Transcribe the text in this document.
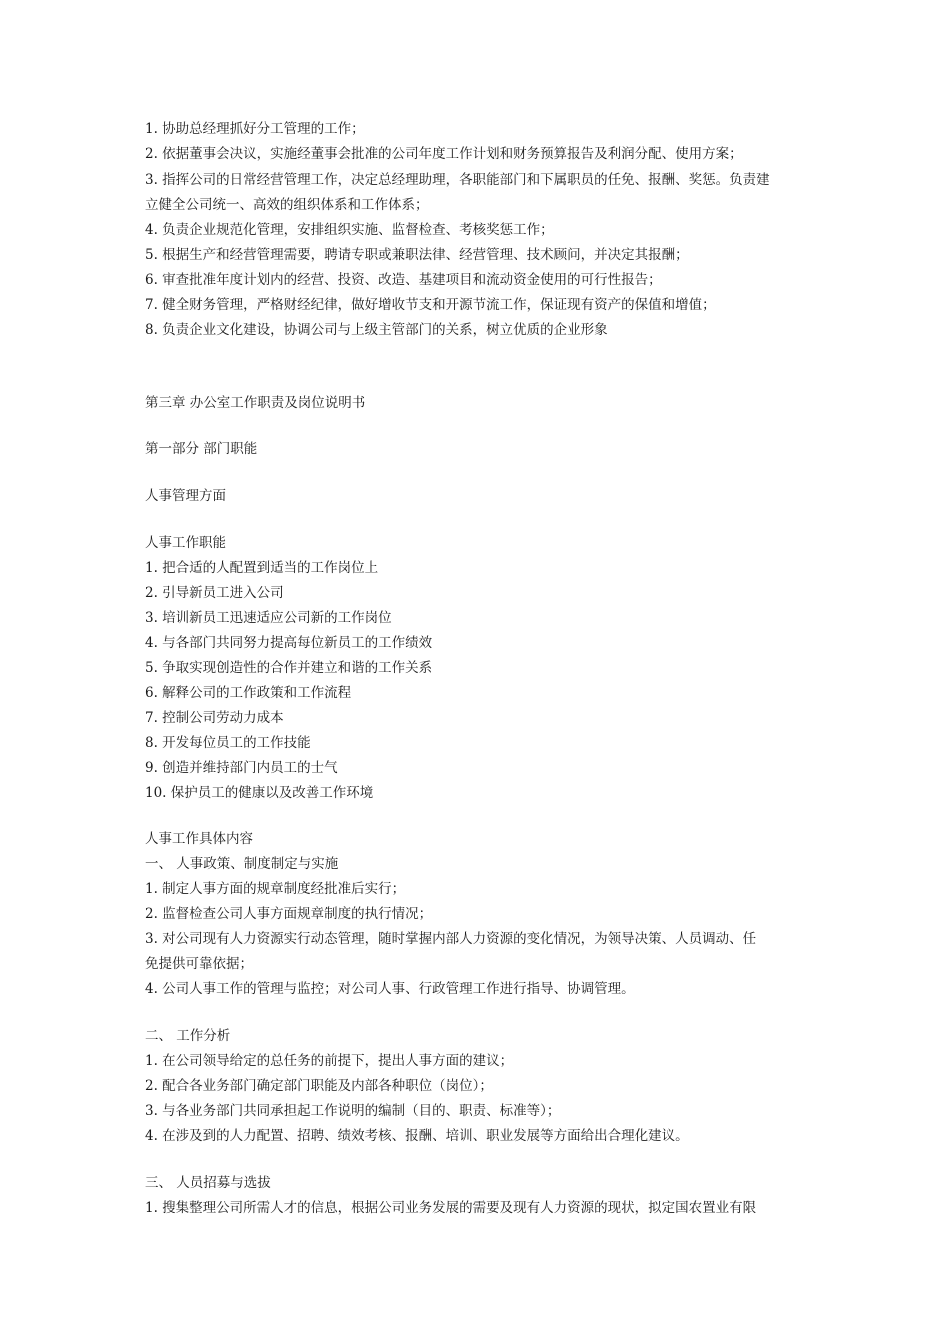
1. 协助总经理抓好分工管理的工作；
2. 依据董事会决议，实施经董事会批准的公司年度工作计划和财务预算报告及利润分配、使用方案；
3. 指挥公司的日常经营管理工作，决定总经理助理，各职能部门和下属职员的任免、报酬、奖惩。负责建
立健全公司统一、高效的组织体系和工作体系；
4. 负责企业规范化管理，安排组织实施、监督检查、考核奖惩工作；
5. 根据生产和经营管理需要，聘请专职或兼职法律、经营管理、技术顾问，并决定其报酬；
6. 审查批准年度计划内的经营、投资、改造、基建项目和流动资金使用的可行性报告；
7. 健全财务管理，严格财经纪律，做好增收节支和开源节流工作，保证现有资产的保值和增值；
8. 负责企业文化建设，协调公司与上级主管部门的关系，树立优质的企业形象
第三章 办公室工作职责及岗位说明书
第一部分 部门职能
人事管理方面
人事工作职能
1. 把合适的人配置到适当的工作岗位上
2. 引导新员工进入公司
3. 培训新员工迅速适应公司新的工作岗位
4. 与各部门共同努力提高每位新员工的工作绩效
5. 争取实现创造性的合作并建立和谐的工作关系
6. 解释公司的工作政策和工作流程
7. 控制公司劳动力成本
8. 开发每位员工的工作技能
9. 创造并维持部门内员工的士气
10. 保护员工的健康以及改善工作环境
人事工作具体内容
一、 人事政策、制度制定与实施
1. 制定人事方面的规章制度经批准后实行；
2. 监督检查公司人事方面规章制度的执行情况；
3. 对公司现有人力资源实行动态管理，随时掌握内部人力资源的变化情况，为领导决策、人员调动、任
免提供可靠依据；
4. 公司人事工作的管理与监控；对公司人事、行政管理工作进行指导、协调管理。
二、 工作分析
1. 在公司领导给定的总任务的前提下，提出人事方面的建议；
2. 配合各业务部门确定部门职能及内部各种职位（岗位）；
3. 与各业务部门共同承担起工作说明的编制（目的、职责、标准等）；
4. 在涉及到的人力配置、招聘、绩效考核、报酬、培训、职业发展等方面给出合理化建议。
三、 人员招募与选拔
1. 搜集整理公司所需人才的信息，根据公司业务发展的需要及现有人力资源的现状，拟定国农置业有限
